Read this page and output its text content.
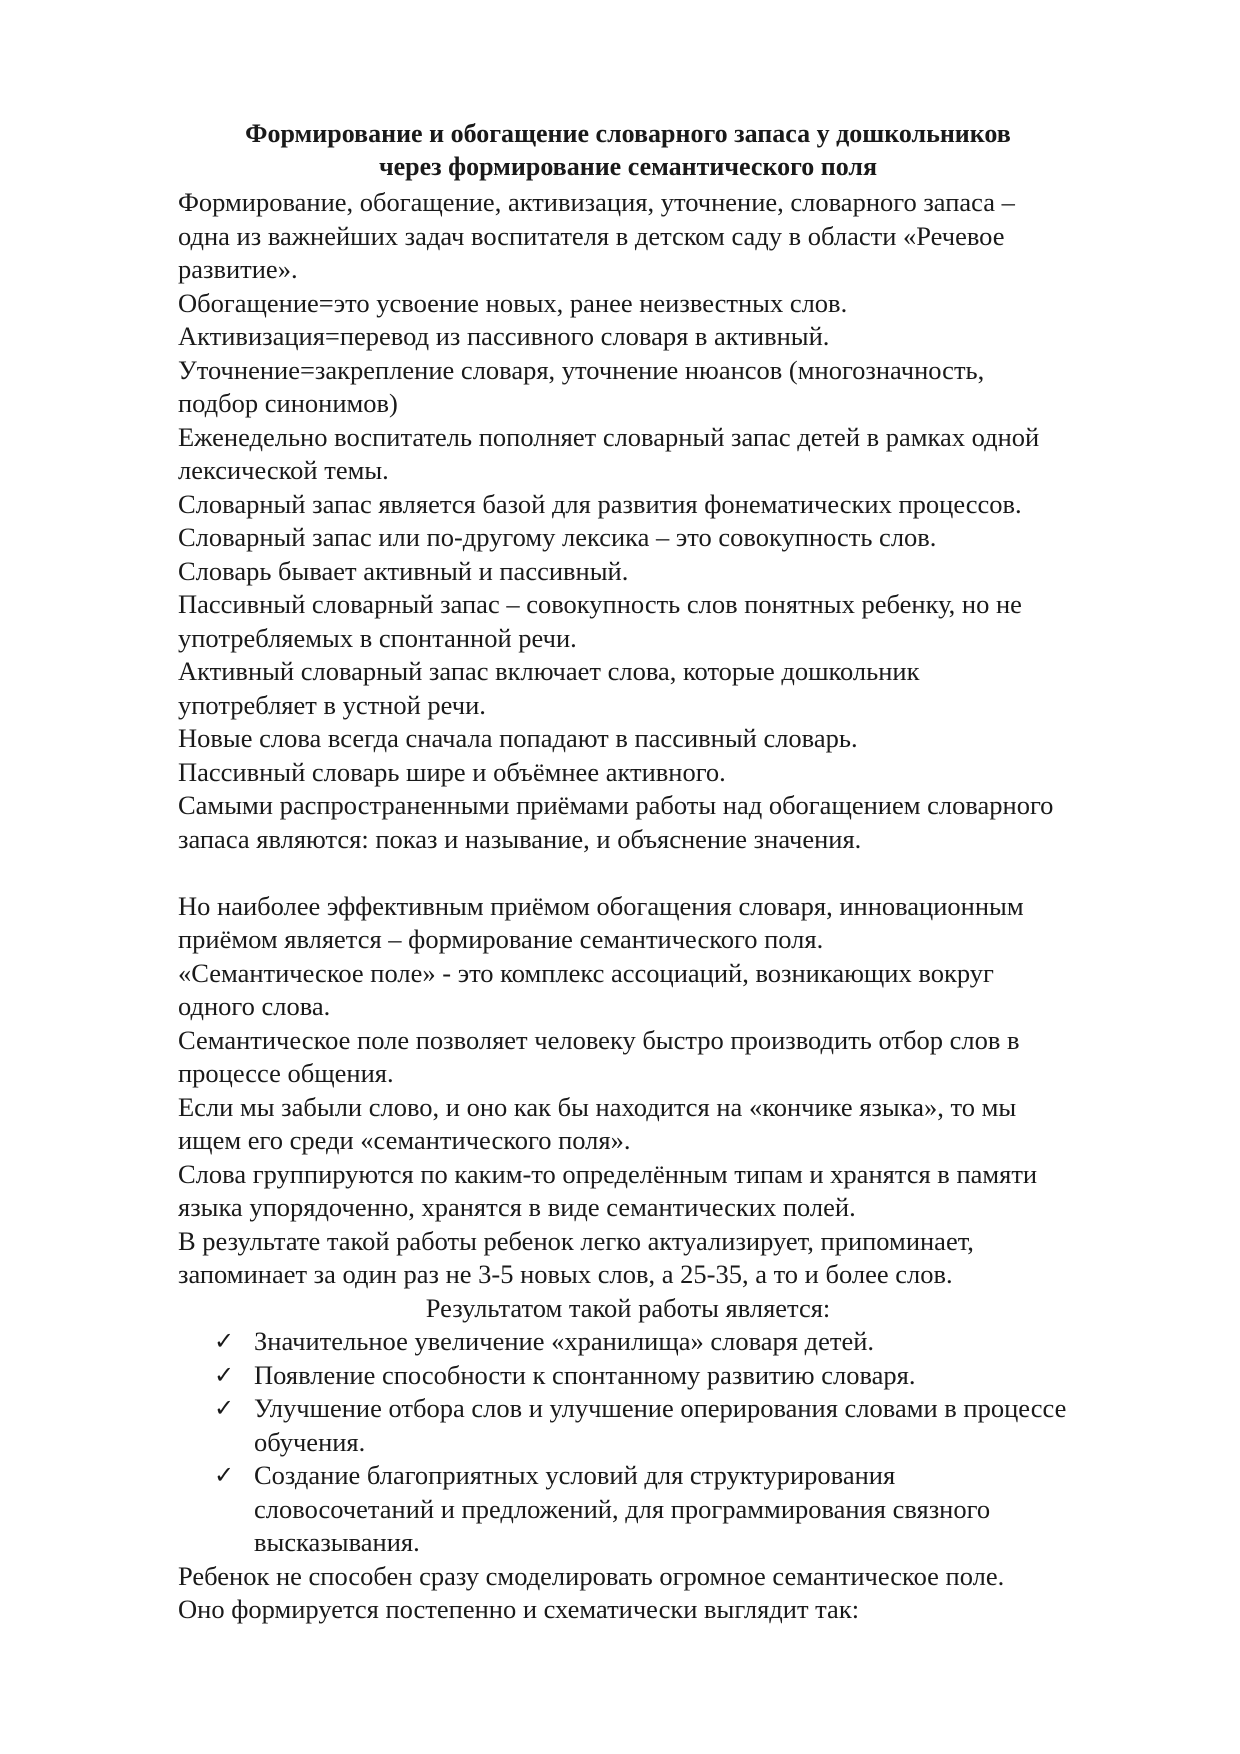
Формирование и обогащение словарного запаса у дошкольников
через формирование семантического поля
Формирование, обогащение, активизация, уточнение, словарного запаса –
одна из важнейших задач воспитателя в детском саду в области «Речевое
развитие».
Обогащение=это усвоение новых, ранее неизвестных слов.
Активизация=перевод из пассивного словаря в активный.
Уточнение=закрепление словаря, уточнение нюансов (многозначность,
подбор синонимов)
Еженедельно воспитатель пополняет словарный запас детей в рамках одной
лексической темы.
Словарный запас является базой для развития фонематических процессов.
Словарный запас или по-другому лексика – это совокупность слов.
Словарь бывает активный и пассивный.
Пассивный словарный запас – совокупность слов понятных ребенку, но не
употребляемых в спонтанной речи.
Активный словарный запас включает слова, которые дошкольник
употребляет в устной речи.
Новые слова всегда сначала попадают в пассивный словарь.
Пассивный словарь шире и объёмнее активного.
Самыми распространенными приёмами работы над обогащением словарного
запаса являются: показ и называние, и объяснение значения.
Но наиболее эффективным приёмом обогащения словаря, инновационным
приёмом является – формирование семантического поля.
«Семантическое поле» - это комплекс ассоциаций, возникающих вокруг
одного слова.
Семантическое поле позволяет человеку быстро производить отбор слов в
процессе общения.
Если мы забыли слово, и оно как бы находится на «кончике языка», то мы
ищем его среди «семантического поля».
Слова группируются по каким-то определённым типам и хранятся в памяти
языка упорядоченно, хранятся в виде семантических полей.
В результате такой работы ребенок легко актуализирует, припоминает,
запоминает за один раз не 3-5 новых слов, а 25-35, а то и более слов.
Результатом такой работы является:
✓ Значительное увеличение «хранилища» словаря детей.
✓ Появление способности к спонтанному развитию словаря.
✓ Улучшение отбора слов и улучшение оперирования словами в процессе
обучения.
✓ Создание благоприятных условий для структурирования
словосочетаний и предложений, для программирования связного
высказывания.
Ребенок не способен сразу смоделировать огромное семантическое поле.
Оно формируется постепенно и схематически выглядит так:
